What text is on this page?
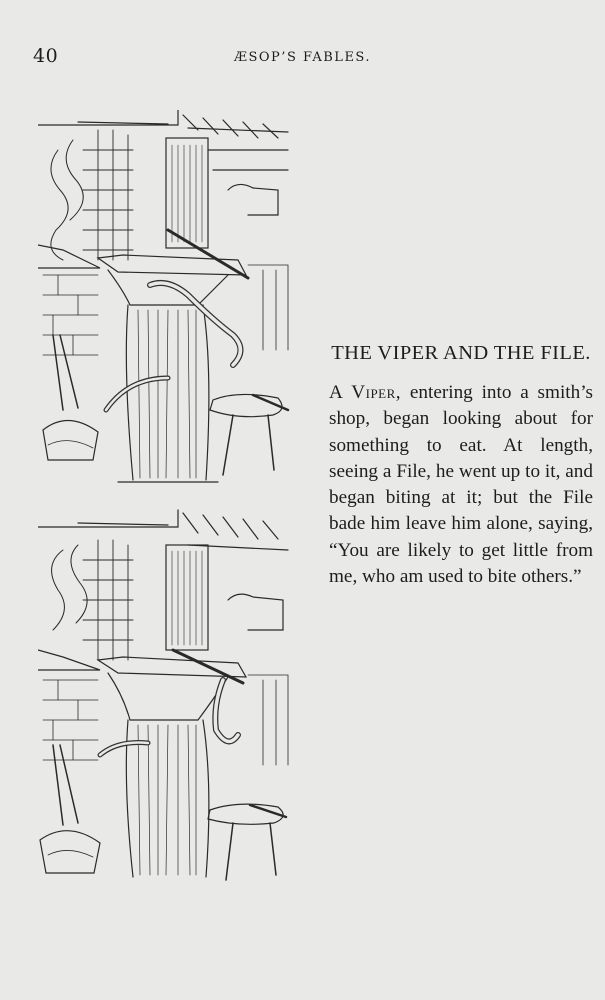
40	ÆSOP’S FABLES.
THE VIPER AND THE FILE.

A Viper, entering into a smith’s shop, began looking about for something to eat. At length, seeing a File, he went up to it, and began biting at it; but the File bade him leave him alone, saying, “You are likely to get little from me, who am used to bite others.”
